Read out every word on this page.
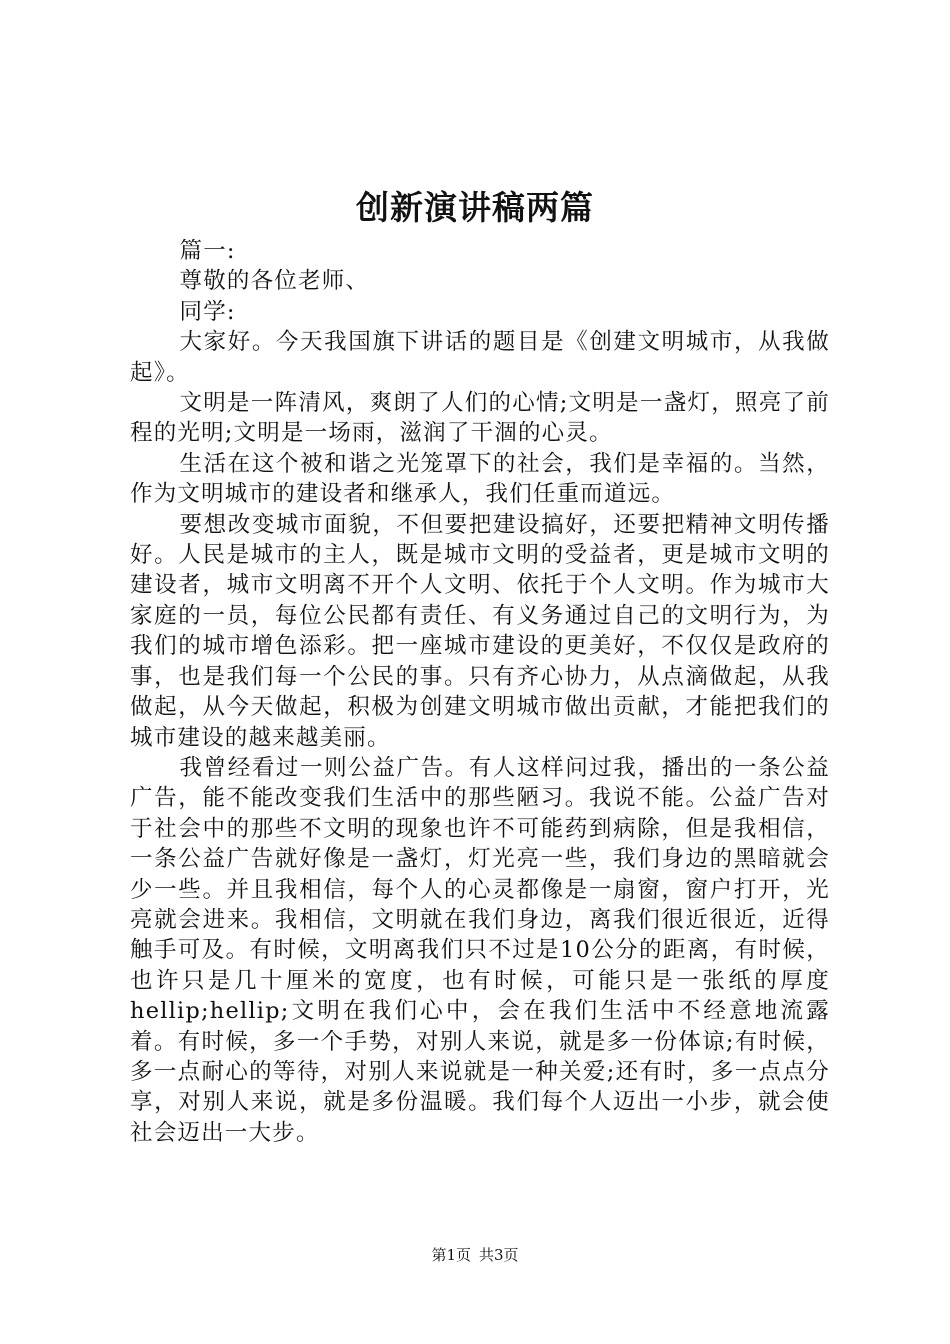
创新演讲稿两篇

篇一:

尊敬的各位老师、

同学:

大家好。今天我国旗下讲话的题目是《创建文明城市，从我做起》。

文明是一阵清风，爽朗了人们的心情;文明是一盏灯，照亮了前程的光明;文明是一场雨，滋润了干涸的心灵。

生活在这个被和谐之光笼罩下的社会，我们是幸福的。当然，作为文明城市的建设者和继承人，我们任重而道远。

要想改变城市面貌，不但要把建设搞好，还要把精神文明传播好。人民是城市的主人，既是城市文明的受益者，更是城市文明的建设者，城市文明离不开个人文明、依托于个人文明。作为城市大家庭的一员，每位公民都有责任、有义务通过自己的文明行为，为我们的城市增色添彩。把一座城市建设的更美好，不仅仅是政府的事，也是我们每一个公民的事。只有齐心协力，从点滴做起，从我做起，从今天做起，积极为创建文明城市做出贡献，才能把我们的城市建设的越来越美丽。

我曾经看过一则公益广告。有人这样问过我，播出的一条公益广告，能不能改变我们生活中的那些陋习。我说不能。公益广告对于社会中的那些不文明的现象也许不可能药到病除，但是我相信，一条公益广告就好像是一盏灯，灯光亮一些，我们身边的黑暗就会少一些。并且我相信，每个人的心灵都像是一扇窗，窗户打开，光亮就会进来。我相信，文明就在我们身边，离我们很近很近，近得触手可及。有时候，文明离我们只不过是10公分的距离，有时候，也许只是几十厘米的宽度，也有时候，可能只是一张纸的厚度hellip;hellip;文明在我们心中，会在我们生活中不经意地流露着。有时候，多一个手势，对别人来说，就是多一份体谅;有时候，多一点耐心的等待，对别人来说就是一种关爱;还有时，多一点点分享，对别人来说，就是多份温暖。我们每个人迈出一小步，就会使社会迈出一大步。

第1页 共3页
